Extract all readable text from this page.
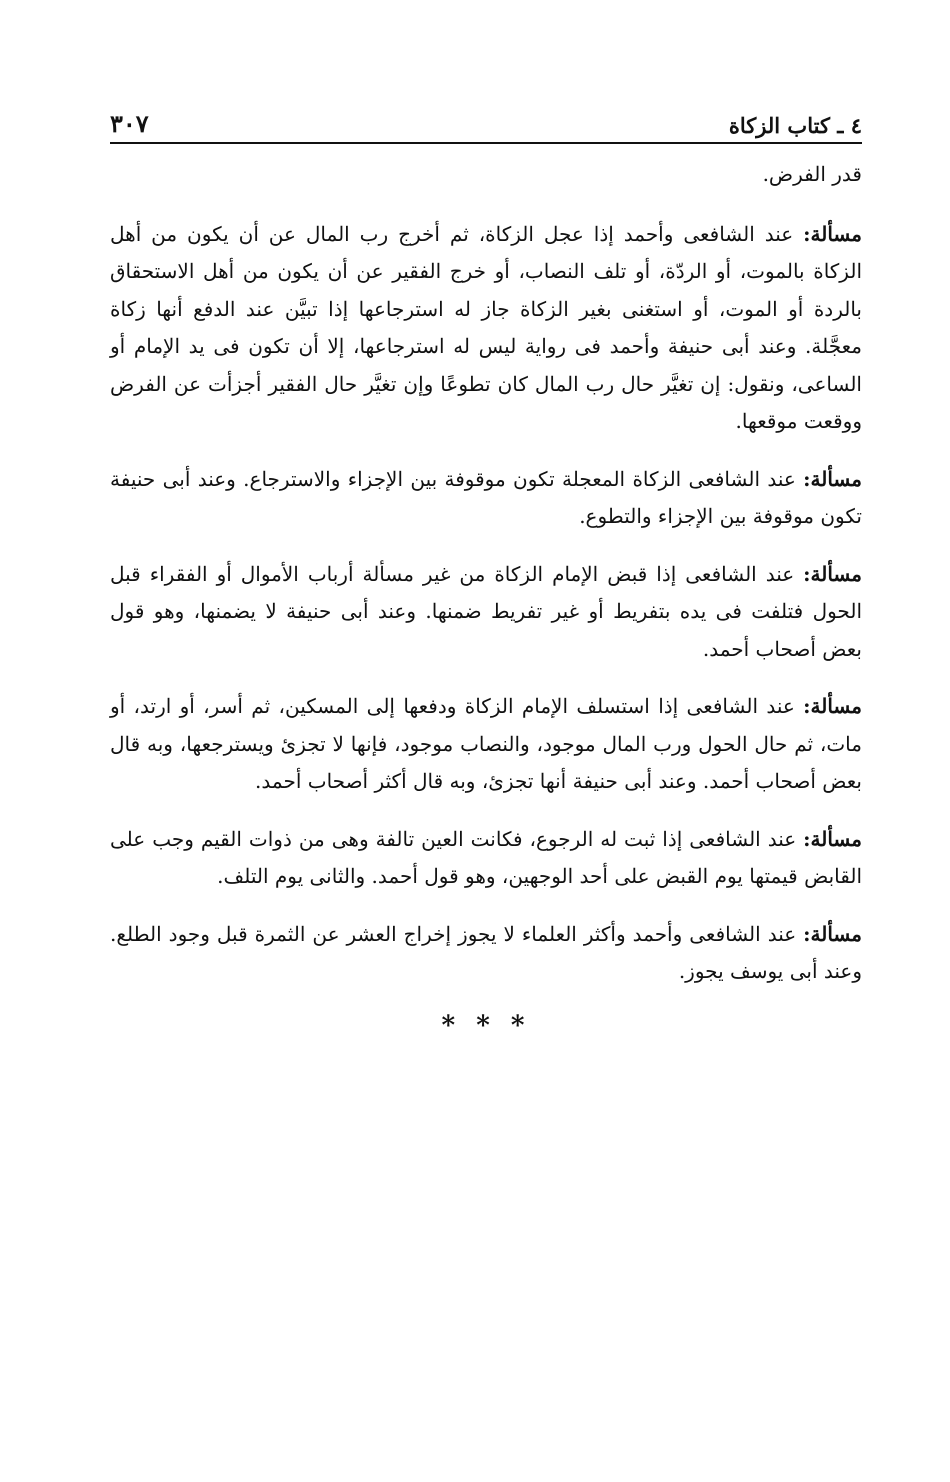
٤ ـ كتاب الزكاة
٣٠٧

قدر الفرض.

مسألة: عند الشافعى وأحمد إذا عجل الزكاة، ثم أخرج رب المال عن أن يكون من أهل الزكاة بالموت، أو الردّة، أو تلف النصاب، أو خرج الفقير عن أن يكون من أهل الاستحقاق بالردة أو الموت، أو استغنى بغير الزكاة جاز له استرجاعها إذا تبيَّن عند الدفع أنها زكاة معجَّلة. وعند أبى حنيفة وأحمد فى رواية ليس له استرجاعها، إلا أن تكون فى يد الإمام أو الساعى، ونقول: إن تغيَّر حال رب المال كان تطوعًا وإن تغيَّر حال الفقير أجزأت عن الفرض ووقعت موقعها.

مسألة: عند الشافعى الزكاة المعجلة تكون موقوفة بين الإجزاء والاسترجاع. وعند أبى حنيفة تكون موقوفة بين الإجزاء والتطوع.

مسألة: عند الشافعى إذا قبض الإمام الزكاة من غير مسألة أرباب الأموال أو الفقراء قبل الحول فتلفت فى يده بتفريط أو غير تفريط ضمنها. وعند أبى حنيفة لا يضمنها، وهو قول بعض أصحاب أحمد.

مسألة: عند الشافعى إذا استسلف الإمام الزكاة ودفعها إلى المسكين، ثم أسر، أو ارتد، أو مات، ثم حال الحول ورب المال موجود، والنصاب موجود، فإنها لا تجزئ ويسترجعها، وبه قال بعض أصحاب أحمد. وعند أبى حنيفة أنها تجزئ، وبه قال أكثر أصحاب أحمد.

مسألة: عند الشافعى إذا ثبت له الرجوع، فكانت العين تالفة وهى من ذوات القيم وجب على القابض قيمتها يوم القبض على أحد الوجهين، وهو قول أحمد. والثانى يوم التلف.

مسألة: عند الشافعى وأحمد وأكثر العلماء لا يجوز إخراج العشر عن الثمرة قبل وجود الطلع. وعند أبى يوسف يجوز.

* * *
